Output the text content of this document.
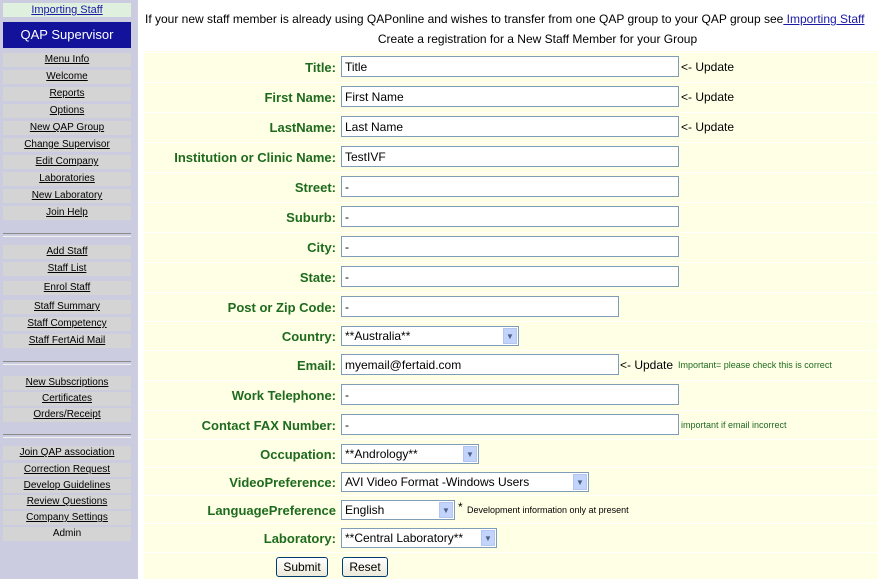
Importing Staff
QAP Supervisor
Menu Info
Welcome
Reports
Options
New QAP Group
Change Supervisor
Edit Company
Laboratories
New Laboratory
Join Help
Add Staff
Staff List
Enrol Staff
Staff Summary
Staff Competency
Staff FertAid Mail
New Subscriptions
Certificates
Orders/Receipt
Join QAP association
Correction Request
Develop Guidelines
Review Questions
Company Settings
Admin
If your new staff member is already using QAPonline and wishes to transfer from one QAP group to your QAP group see Importing Staff
Create a registration for a New Staff Member for your Group
Title: Title	<- Update
First Name: First Name	<- Update
LastName: Last Name	<- Update
Institution or Clinic Name: TestIVF
Street: -
Suburb: -
City: -
State: -
Post or Zip Code: -
Country: **Australia**	▼
Email: myemail@fertaid.com	<- Update Important= please check this is correct
Work Telephone: -
Contact FAX Number: -	important if email incorrect
Occupation: **Andrology**	▼
VideoPreference: AVI Video Format -Windows Users	▼
LanguagePreference English	▼ * Development information only at present
Laboratory: **Central Laboratory**	▼
Submit	Reset
